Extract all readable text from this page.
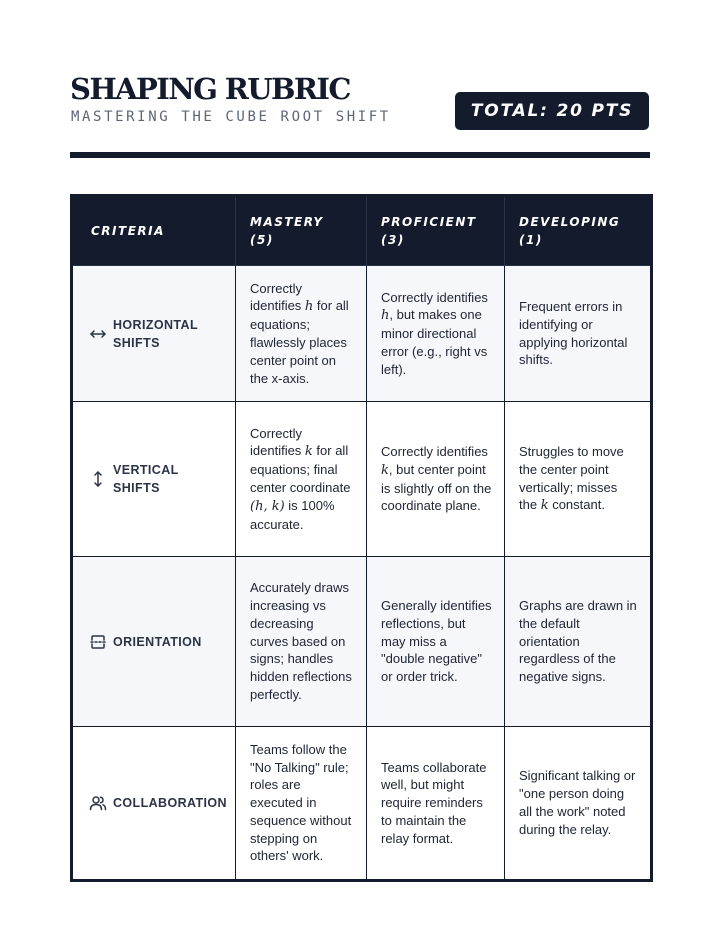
SHAPING RUBRIC
MASTERING THE CUBE ROOT SHIFT	TOTAL: 20 PTS
CRITERIA	MASTERY (5)	PROFICIENT (3)	DEVELOPING (1)

HORIZONTAL SHIFTS	Correctly identifies h for all equations; flawlessly places center point on the x-axis.	Correctly identifies h, but makes one minor directional error (e.g., right vs left).	Frequent errors in identifying or applying horizontal shifts.

VERTICAL SHIFTS	Correctly identifies k for all equations; final center coordinate (h, k) is 100% accurate.	Correctly identifies k, but center point is slightly off on the coordinate plane.	Struggles to move the center point vertically; misses the k constant.

ORIENTATION	Accurately draws increasing vs decreasing curves based on signs; handles hidden reflections perfectly.	Generally identifies reflections, but may miss a "double negative" or order trick.	Graphs are drawn in the default orientation regardless of the negative signs.

COLLABORATION	Teams follow the "No Talking" rule; roles are executed in sequence without stepping on others' work.	Teams collaborate well, but might require reminders to maintain the relay format.	Significant talking or "one person doing all the work" noted during the relay.
